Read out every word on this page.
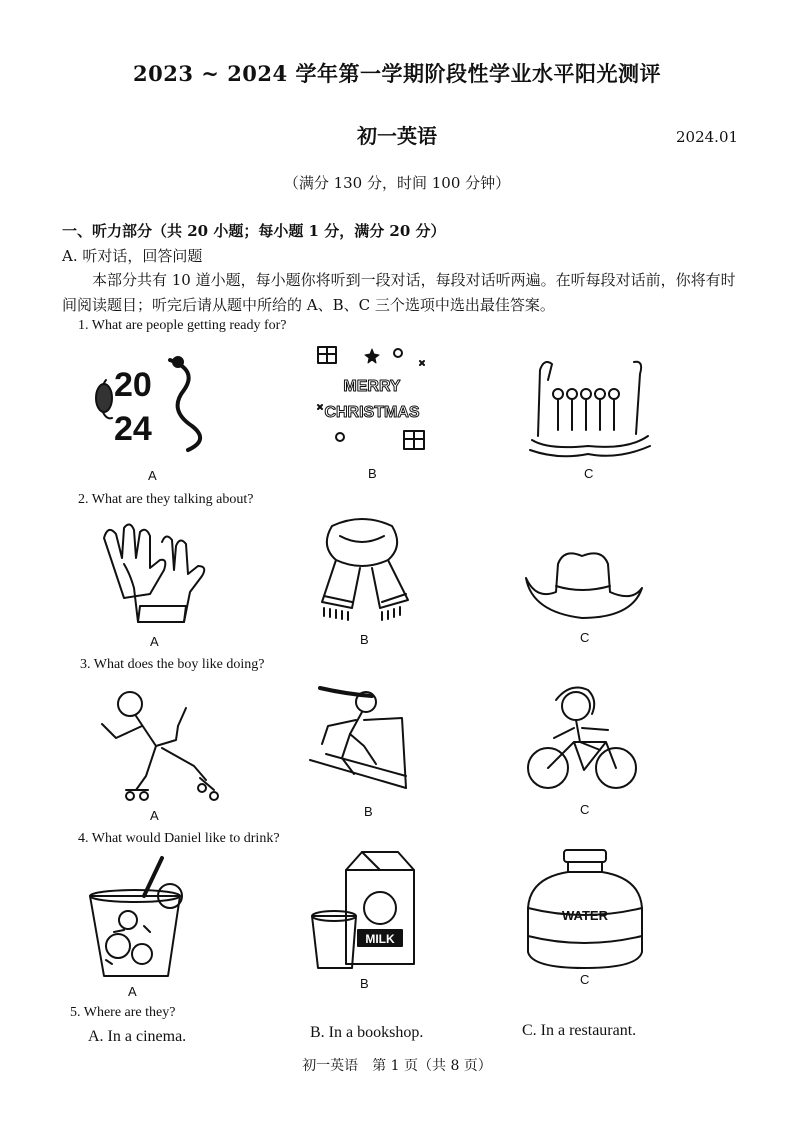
2023 ~ 2024 学年第一学期阶段性学业水平阳光测评
初一英语	2024.01
（满分 130 分，时间 100 分钟）
一、听力部分（共 20 小题；每小题 1 分，满分 20 分）
A. 听对话，回答问题
本部分共有 10 道小题，每小题你将听到一段对话，每段对话听两遍。在听每段对话前，你将有时间阅读题目；听完后请从题中所给的 A、B、C 三个选项中选出最佳答案。
1. What are people getting ready for?
20
24
A
MERRY
CHRISTMAS
B	C
2. What are they talking about?
A	B	C
3. What does the boy like doing?
A	B	C
4. What would Daniel like to drink?
A
MILK
B
WATER
C
5. Where are they?
A. In a cinema.	B. In a bookshop.	C. In a restaurant.
初一英语　第 1 页（共 8 页）
